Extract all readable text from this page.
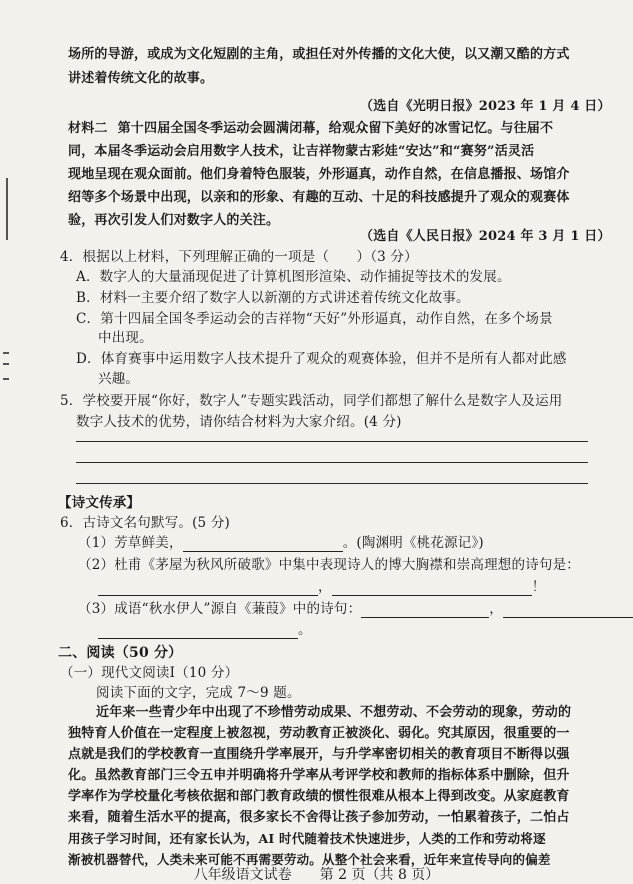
场所的导游，或成为文化短剧的主角，或担任对外传播的文化大使，以又潮又酷的方式
讲述着传统文化的故事。
（选自《光明日报》2023 年 1 月 4 日）
材料二 第十四届全国冬季运动会圆满闭幕，给观众留下美好的冰雪记忆。与往届不
同，本届冬季运动会启用数字人技术，让吉祥物蒙古彩娃“安达”和“赛努”活灵活
现地呈现在观众面前。他们身着特色服装，外形逼真，动作自然，在信息播报、场馆介
绍等多个场景中出现，以亲和的形象、有趣的互动、十足的科技感提升了观众的观赛体
验，再次引发人们对数字人的关注。
（选自《人民日报》2024 年 3 月 1 日）
4．根据以上材料，下列理解正确的一项是（　　）（3 分）
A．数字人的大量涌现促进了计算机图形渲染、动作捕捉等技术的发展。
B．材料一主要介绍了数字人以新潮的方式讲述着传统文化故事。
C．第十四届全国冬季运动会的吉祥物“天好”外形逼真，动作自然，在多个场景
中出现。
D．体育赛事中运用数字人技术提升了观众的观赛体验，但并不是所有人都对此感
兴趣。
5．学校要开展“你好，数字人”专题实践活动，同学们都想了解什么是数字人及运用
数字人技术的优势，请你结合材料为大家介绍。(4 分)
【诗文传承】
6．古诗文名句默写。(5 分)
（1）芳草鲜美，	。(陶渊明《桃花源记》)
（2）杜甫《茅屋为秋风所破歌》中集中表现诗人的博大胸襟和崇高理想的诗句是：
，	！
（3）成语“秋水伊人”源自《蒹葭》中的诗句：	，
。
二、阅读（50 分）
（一）现代文阅读Ⅰ（10 分）
阅读下面的文字，完成 7～9 题。
近年来一些青少年中出现了不珍惜劳动成果、不想劳动、不会劳动的现象，劳动的
独特育人价值在一定程度上被忽视，劳动教育正被淡化、弱化。究其原因，很重要的一
点就是我们的学校教育一直围绕升学率展开，与升学率密切相关的教育项目不断得以强
化。虽然教育部门三令五申并明确将升学率从考评学校和教师的指标体系中删除，但升
学率作为学校量化考核依据和部门教育政绩的惯性很难从根本上得到改变。从家庭教育
来看，随着生活水平的提高，很多家长不舍得让孩子参加劳动，一怕累着孩子，二怕占
用孩子学习时间，还有家长认为，AI 时代随着技术快速进步，人类的工作和劳动将逐
渐被机器替代，人类未来可能不再需要劳动。从整个社会来看，近年来宣传导向的偏差
八年级语文试卷　　第 2 页（共 8 页）
